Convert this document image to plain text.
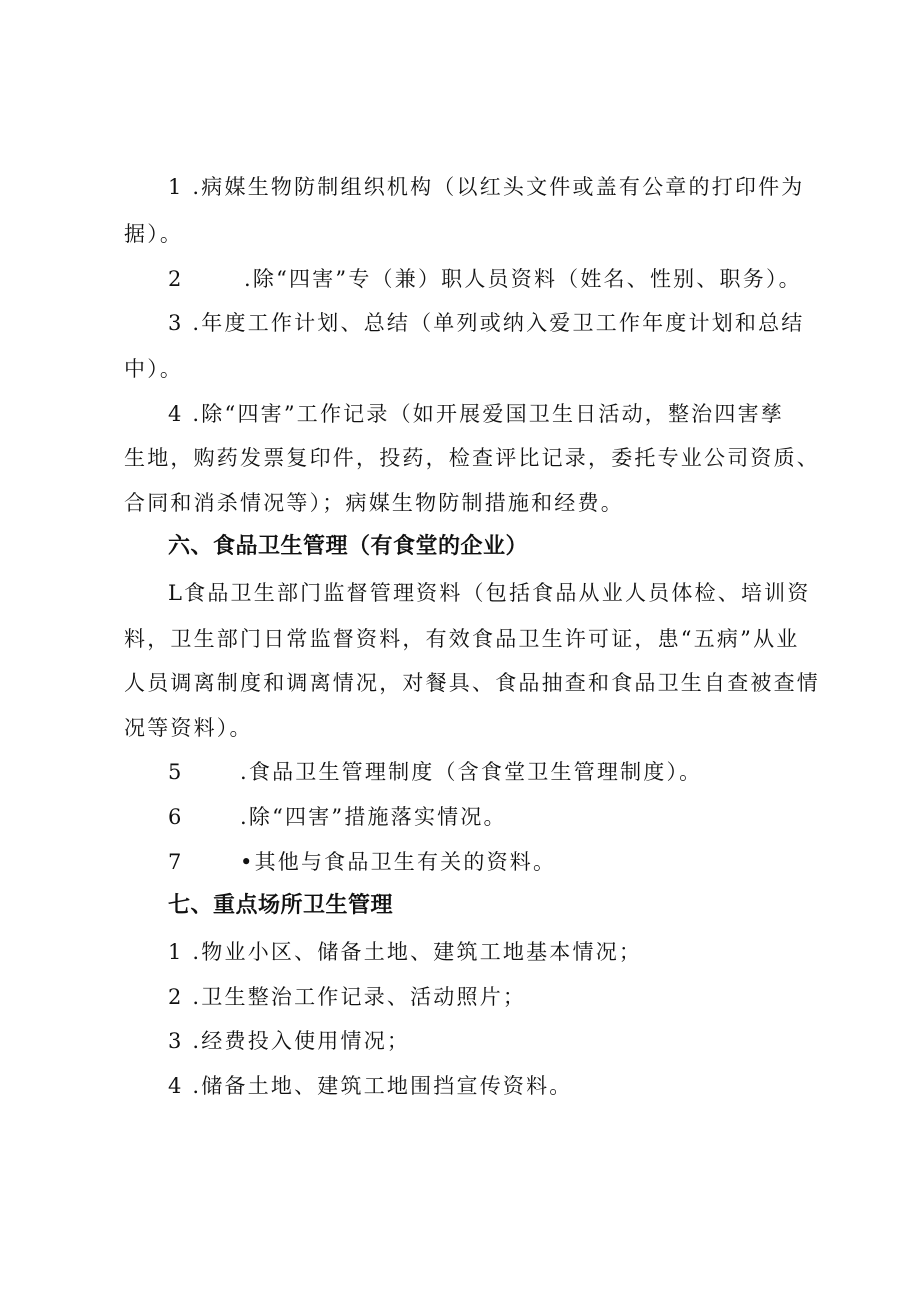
1 .病媒生物防制组织机构（以红头文件或盖有公章的打印件为
据）。
2	.除“四害”专（兼）职人员资料（姓名、性别、职务）。
3 .年度工作计划、总结（单列或纳入爱卫工作年度计划和总结
中）。
4 .除“四害”工作记录（如开展爱国卫生日活动，整治四害孳
生地，购药发票复印件，投药，检查评比记录，委托专业公司资质、
合同和消杀情况等）；病媒生物防制措施和经费。
六、食品卫生管理（有食堂的企业）
L食品卫生部门监督管理资料（包括食品从业人员体检、培训资
料，卫生部门日常监督资料，有效食品卫生许可证，患“五病”从业
人员调离制度和调离情况，对餐具、食品抽查和食品卫生自查被查情
况等资料）。
5	.食品卫生管理制度（含食堂卫生管理制度）。
6	.除“四害”措施落实情况。
7	•其他与食品卫生有关的资料。
七、重点场所卫生管理
1 .物业小区、储备土地、建筑工地基本情况；
2 .卫生整治工作记录、活动照片；
3 .经费投入使用情况；
4 .储备土地、建筑工地围挡宣传资料。
